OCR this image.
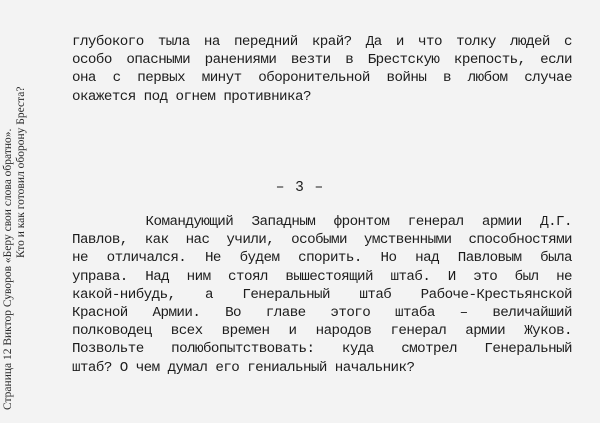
Страница 12 Виктор Суворов «Беру свои слова обратно». Кто и как готовил оборону Бреста?
глубокого тыла на передний край? Да и что толку людей с
особо опасными ранениями везти в Брестскую крепость, если
она с первых минут оборонительной войны в любом случае
окажется под огнем противника?
– 3 –
Командующий Западным фронтом генерал армии Д.Г.
Павлов, как нас учили, особыми умственными способностями
не отличался. Не будем спорить. Но над Павловым была
управа. Над ним стоял вышестоящий штаб. И это был не
какой-нибудь, а Генеральный штаб Рабоче-Крестьянской
Красной Армии. Во главе этого штаба – величайший
полководец всех времен и народов генерал армии Жуков.
Позвольте полюбопытствовать: куда смотрел Генеральный
штаб? О чем думал его гениальный начальник?
